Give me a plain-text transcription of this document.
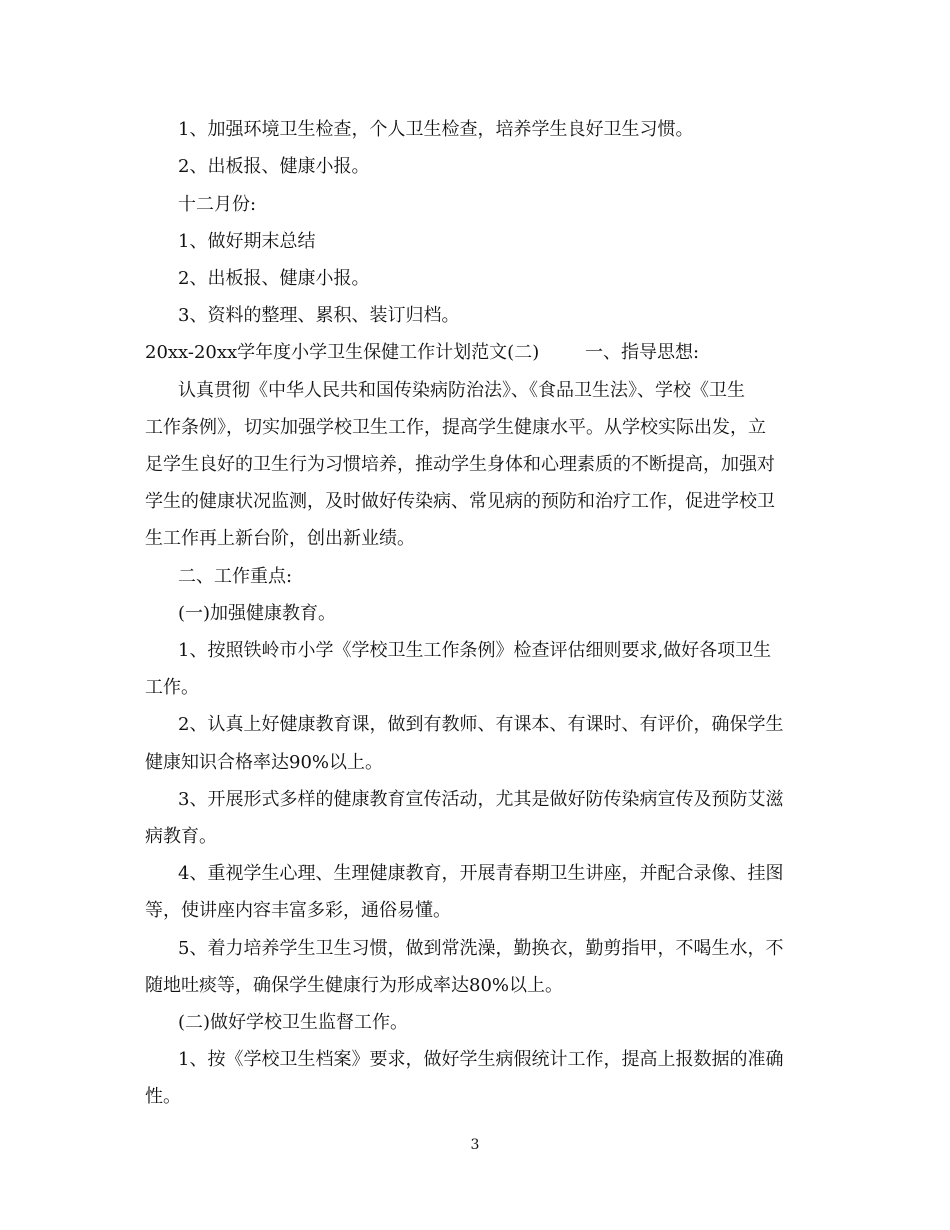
1、加强环境卫生检查，个人卫生检查，培养学生良好卫生习惯。
2、出板报、健康小报。
十二月份:
1、做好期末总结
2、出板报、健康小报。
3、资料的整理、累积、装订归档。
20xx-20xx学年度小学卫生保健工作计划范文(二)	一、指导思想:
认真贯彻《中华人民共和国传染病防治法》、《食品卫生法》、学校《卫生
工作条例》，切实加强学校卫生工作，提高学生健康水平。从学校实际出发，立
足学生良好的卫生行为习惯培养，推动学生身体和心理素质的不断提高，加强对
学生的健康状况监测，及时做好传染病、常见病的预防和治疗工作，促进学校卫
生工作再上新台阶，创出新业绩。
二、工作重点:
(一)加强健康教育。
1、按照铁岭市小学《学校卫生工作条例》检查评估细则要求,做好各项卫生
工作。
2、认真上好健康教育课，做到有教师、有课本、有课时、有评价，确保学生
健康知识合格率达90%以上。
3、开展形式多样的健康教育宣传活动，尤其是做好防传染病宣传及预防艾滋
病教育。
4、重视学生心理、生理健康教育，开展青春期卫生讲座，并配合录像、挂图
等，使讲座内容丰富多彩，通俗易懂。
5、着力培养学生卫生习惯，做到常洗澡，勤换衣，勤剪指甲，不喝生水，不
随地吐痰等，确保学生健康行为形成率达80%以上。
(二)做好学校卫生监督工作。
1、按《学校卫生档案》要求，做好学生病假统计工作，提高上报数据的准确
性。
3
